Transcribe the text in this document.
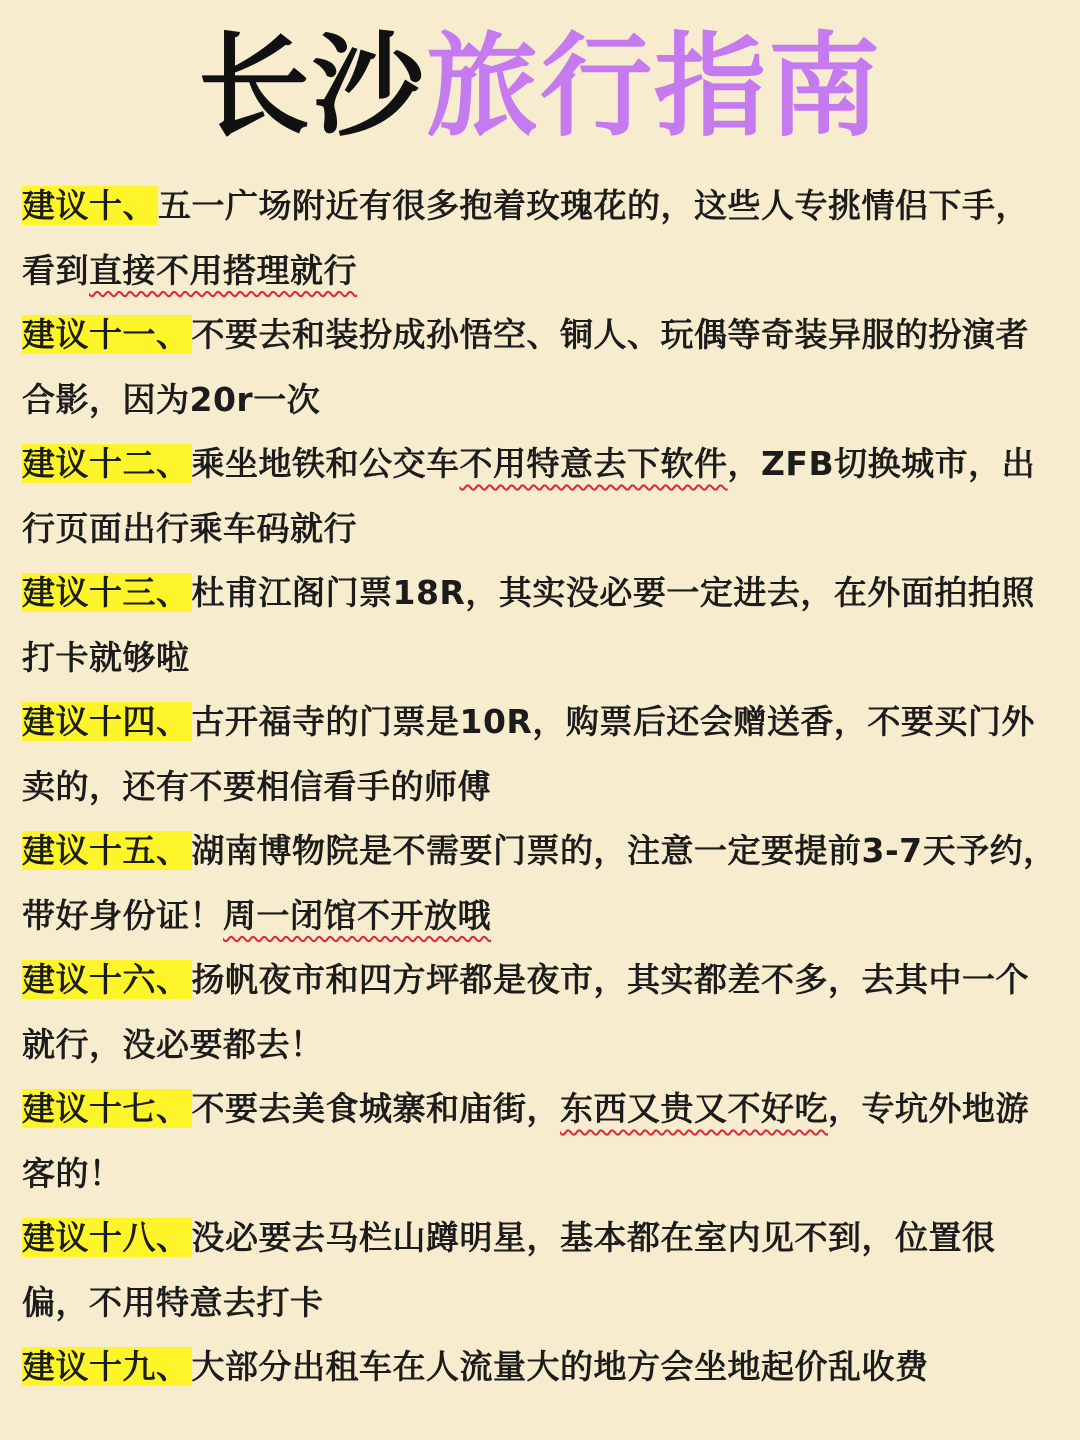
长沙旅行指南
建议十、五一广场附近有很多抱着玫瑰花的，这些人专挑情侣下手，看到直接不用搭理就行
建议十一、不要去和装扮成孙悟空、铜人、玩偶等奇装异服的扮演者合影，因为20r一次
建议十二、乘坐地铁和公交车不用特意去下软件，ZFB切换城市，出行页面出行乘车码就行
建议十三、杜甫江阁门票18R，其实没必要一定进去，在外面拍拍照打卡就够啦
建议十四、古开福寺的门票是10R，购票后还会赠送香，不要买门外卖的，还有不要相信看手的师傅
建议十五、湖南博物院是不需要门票的，注意一定要提前3-7天予约，带好身份证！周一闭馆不开放哦
建议十六、扬帆夜市和四方坪都是夜市，其实都差不多，去其中一个就行，没必要都去！
建议十七、不要去美食城寨和庙街，东西又贵又不好吃，专坑外地游客的！
建议十八、没必要去马栏山蹲明星，基本都在室内见不到，位置很偏，不用特意去打卡
建议十九、大部分出租车在人流量大的地方会坐地起价乱收费
